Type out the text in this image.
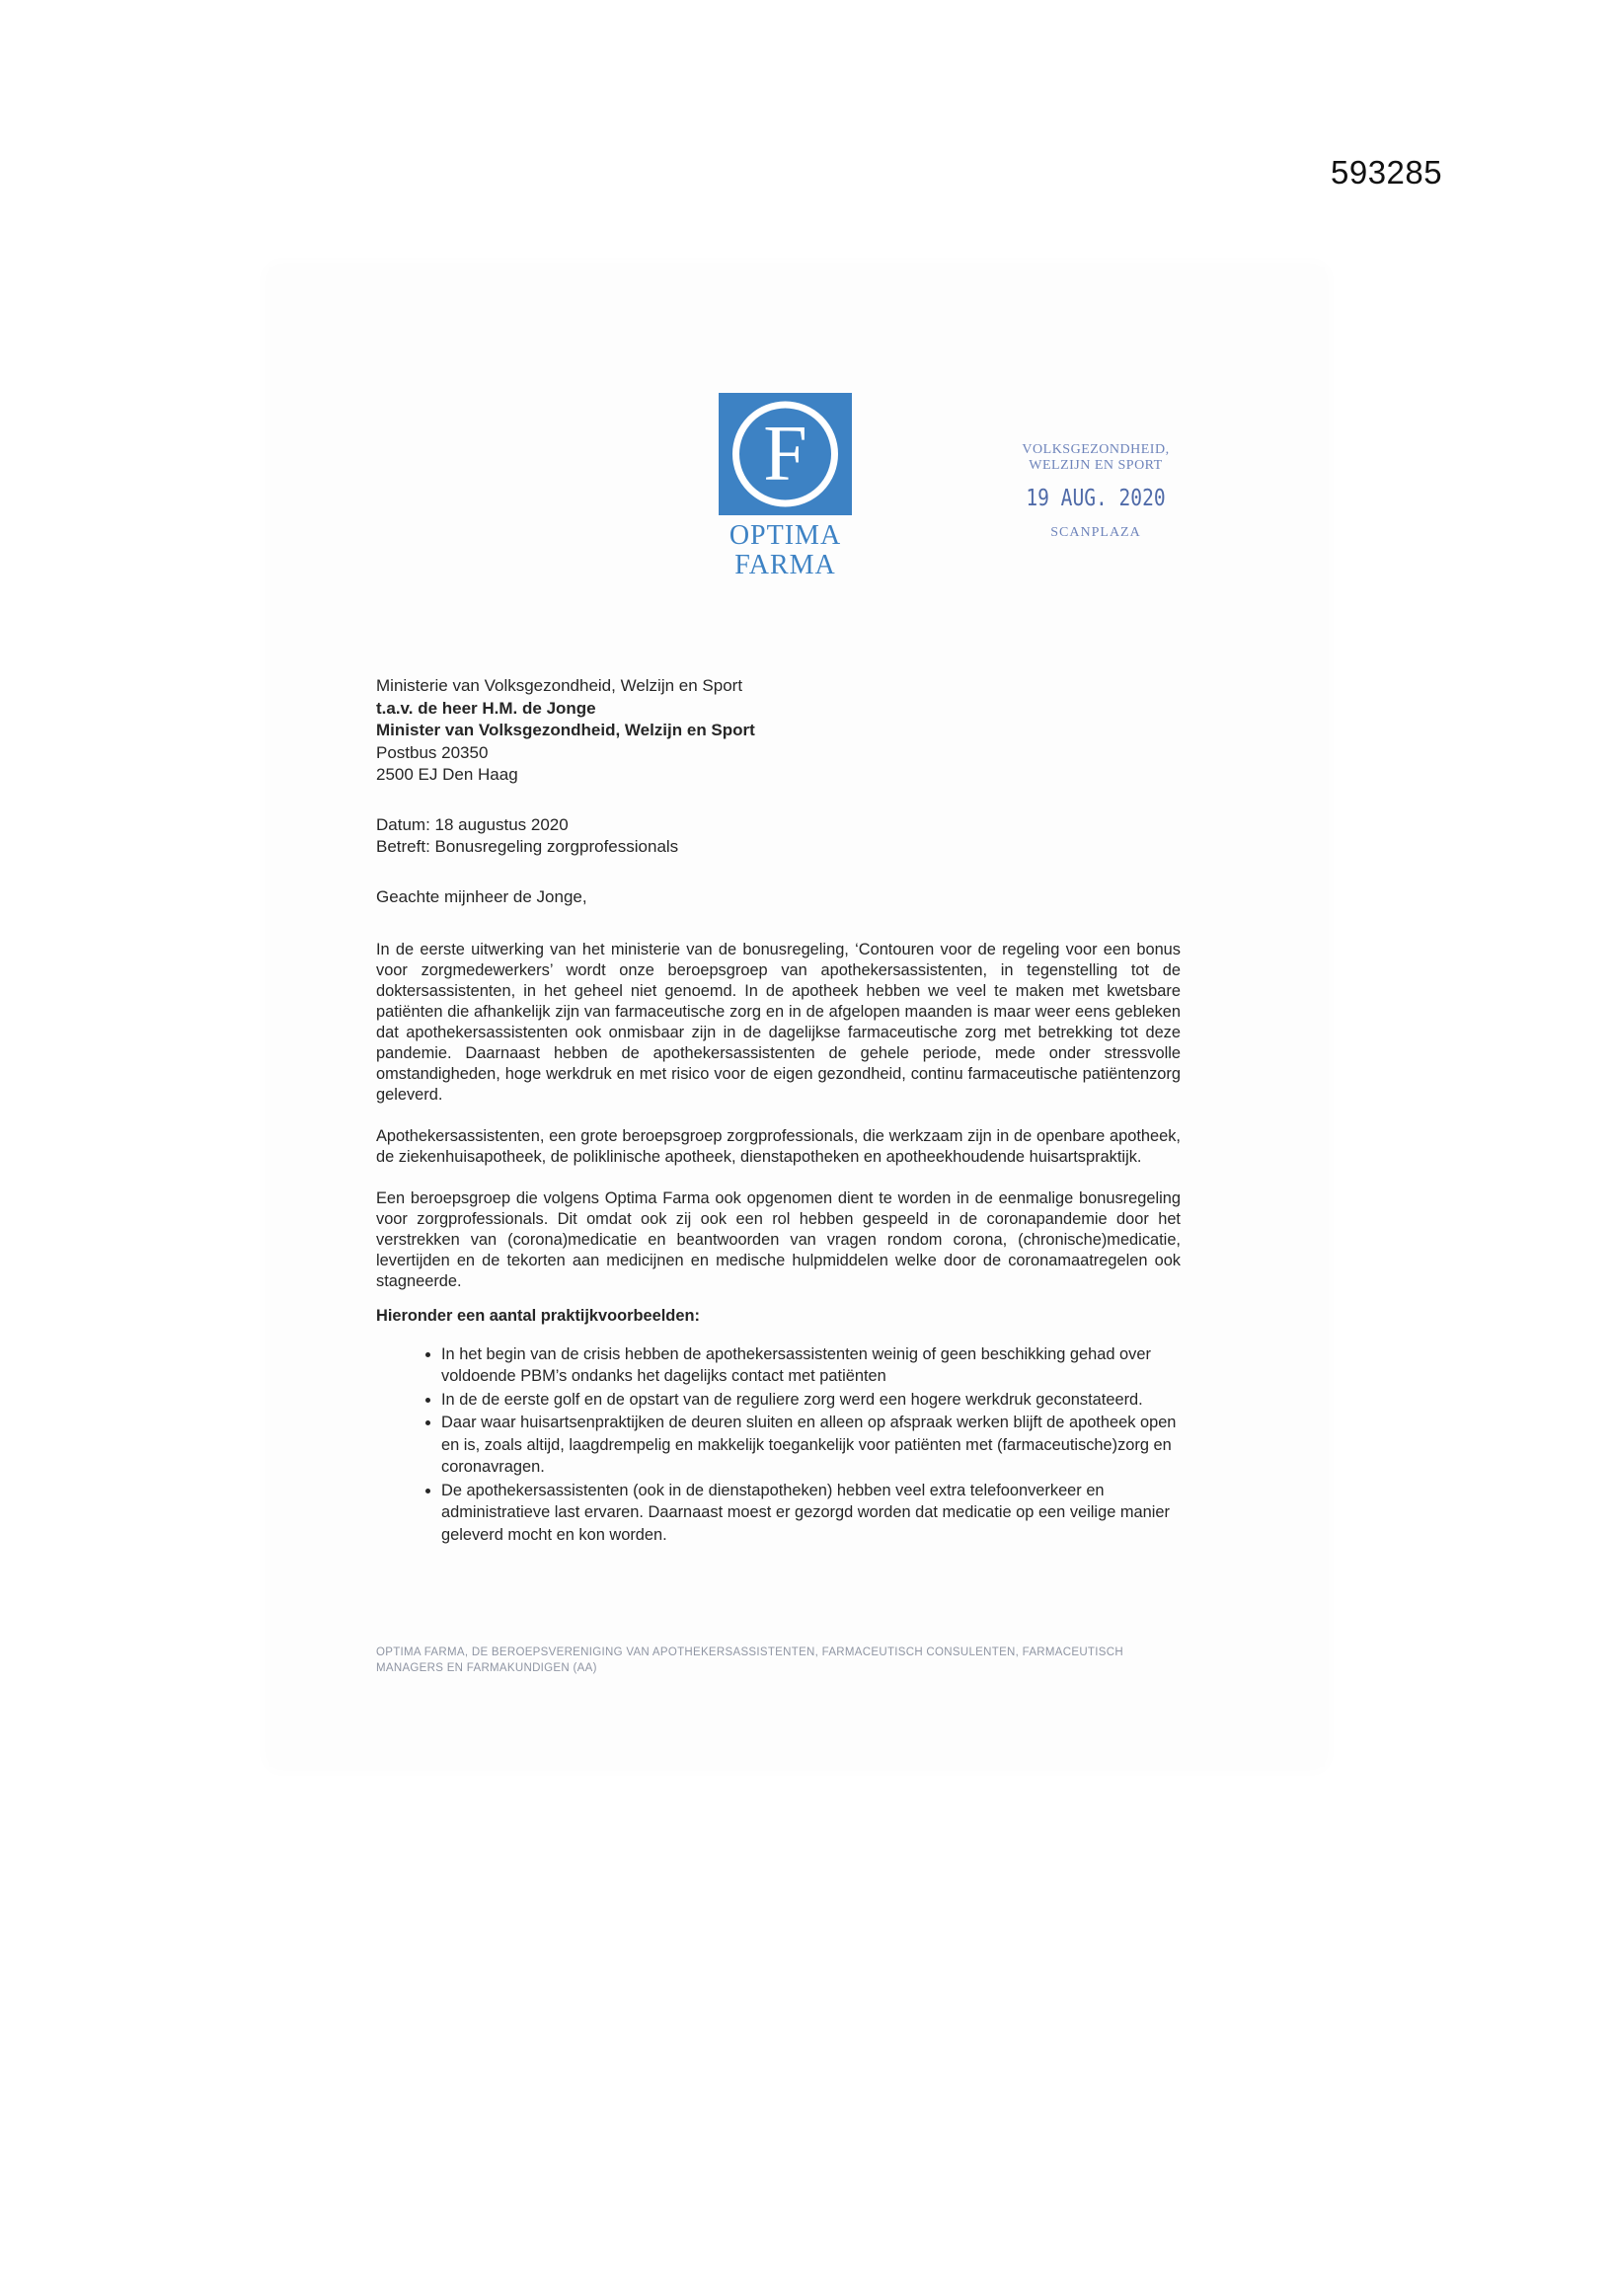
593285
F
OPTIMA
FARMA
VOLKSGEZONDHEID,
WELZIJN EN SPORT
19 AUG. 2020
SCANPLAZA
Ministerie van Volksgezondheid, Welzijn en Sport
t.a.v. de heer H.M. de Jonge
Minister van Volksgezondheid, Welzijn en Sport
Postbus 20350
2500 EJ Den Haag
Datum: 18 augustus 2020
Betreft: Bonusregeling zorgprofessionals
Geachte mijnheer de Jonge,
In de eerste uitwerking van het ministerie van de bonusregeling, ‘Contouren voor de regeling voor een bonus voor zorgmedewerkers’ wordt onze beroepsgroep van apothekersassistenten, in tegenstelling tot de doktersassistenten, in het geheel niet genoemd. In de apotheek hebben we veel te maken met kwetsbare patiënten die afhankelijk zijn van farmaceutische zorg en in de afgelopen maanden is maar weer eens gebleken dat apothekersassistenten ook onmisbaar zijn in de dagelijkse farmaceutische zorg met betrekking tot deze pandemie. Daarnaast hebben de apothekersassistenten de gehele periode, mede onder stressvolle omstandigheden, hoge werkdruk en met risico voor de eigen gezondheid, continu farmaceutische patiëntenzorg geleverd.
Apothekersassistenten, een grote beroepsgroep zorgprofessionals, die werkzaam zijn in de openbare apotheek, de ziekenhuisapotheek, de poliklinische apotheek, dienstapotheken en apotheekhoudende huisartspraktijk.
Een beroepsgroep die volgens Optima Farma ook opgenomen dient te worden in de eenmalige bonusregeling voor zorgprofessionals. Dit omdat ook zij ook een rol hebben gespeeld in de coronapandemie door het verstrekken van (corona)medicatie en beantwoorden van vragen rondom corona, (chronische)medicatie, levertijden en de tekorten aan medicijnen en medische hulpmiddelen welke door de coronamaatregelen ook stagneerde.
Hieronder een aantal praktijkvoorbeelden:
• In het begin van de crisis hebben de apothekersassistenten weinig of geen beschikking gehad over voldoende PBM’s ondanks het dagelijks contact met patiënten
• In de de eerste golf en de opstart van de reguliere zorg werd een hogere werkdruk geconstateerd.
• Daar waar huisartsenpraktijken de deuren sluiten en alleen op afspraak werken blijft de apotheek open en is, zoals altijd, laagdrempelig en makkelijk toegankelijk voor patiënten met (farmaceutische)zorg en coronavragen.
• De apothekersassistenten (ook in de dienstapotheken) hebben veel extra telefoonverkeer en administratieve last ervaren. Daarnaast moest er gezorgd worden dat medicatie op een veilige manier geleverd mocht en kon worden.
OPTIMA FARMA, DE BEROEPSVERENIGING VAN APOTHEKERSASSISTENTEN, FARMACEUTISCH CONSULENTEN, FARMACEUTISCH MANAGERS EN FARMAKUNDIGEN (AA)
